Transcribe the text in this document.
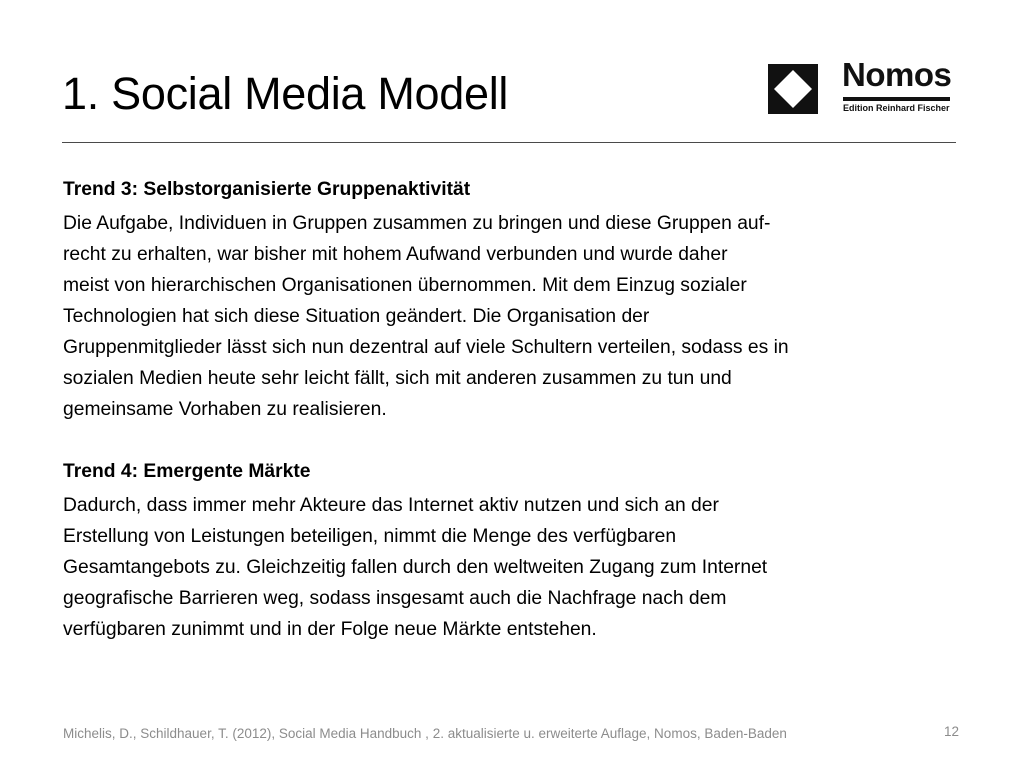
1. Social Media Modell	Nomos
Edition Reinhard Fischer
Trend 3: Selbstorganisierte Gruppenaktivität
Die Aufgabe, Individuen in Gruppen zusammen zu bringen und diese Gruppen auf-
recht zu erhalten, war bisher mit hohem Aufwand verbunden und wurde daher
meist von hierarchischen Organisationen übernommen. Mit dem Einzug sozialer
Technologien hat sich diese Situation geändert. Die Organisation der
Gruppenmitglieder lässt sich nun dezentral auf viele Schultern verteilen, sodass es in
sozialen Medien heute sehr leicht fällt, sich mit anderen zusammen zu tun und
gemeinsame Vorhaben zu realisieren.
Trend 4: Emergente Märkte
Dadurch, dass immer mehr Akteure das Internet aktiv nutzen und sich an der
Erstellung von Leistungen beteiligen, nimmt die Menge des verfügbaren
Gesamtangebots zu. Gleichzeitig fallen durch den weltweiten Zugang zum Internet
geografische Barrieren weg, sodass insgesamt auch die Nachfrage nach dem
verfügbaren zunimmt und in der Folge neue Märkte entstehen.
Michelis, D., Schildhauer, T. (2012), Social Media Handbuch , 2. aktualisierte u. erweiterte Auflage, Nomos, Baden-Baden	12
